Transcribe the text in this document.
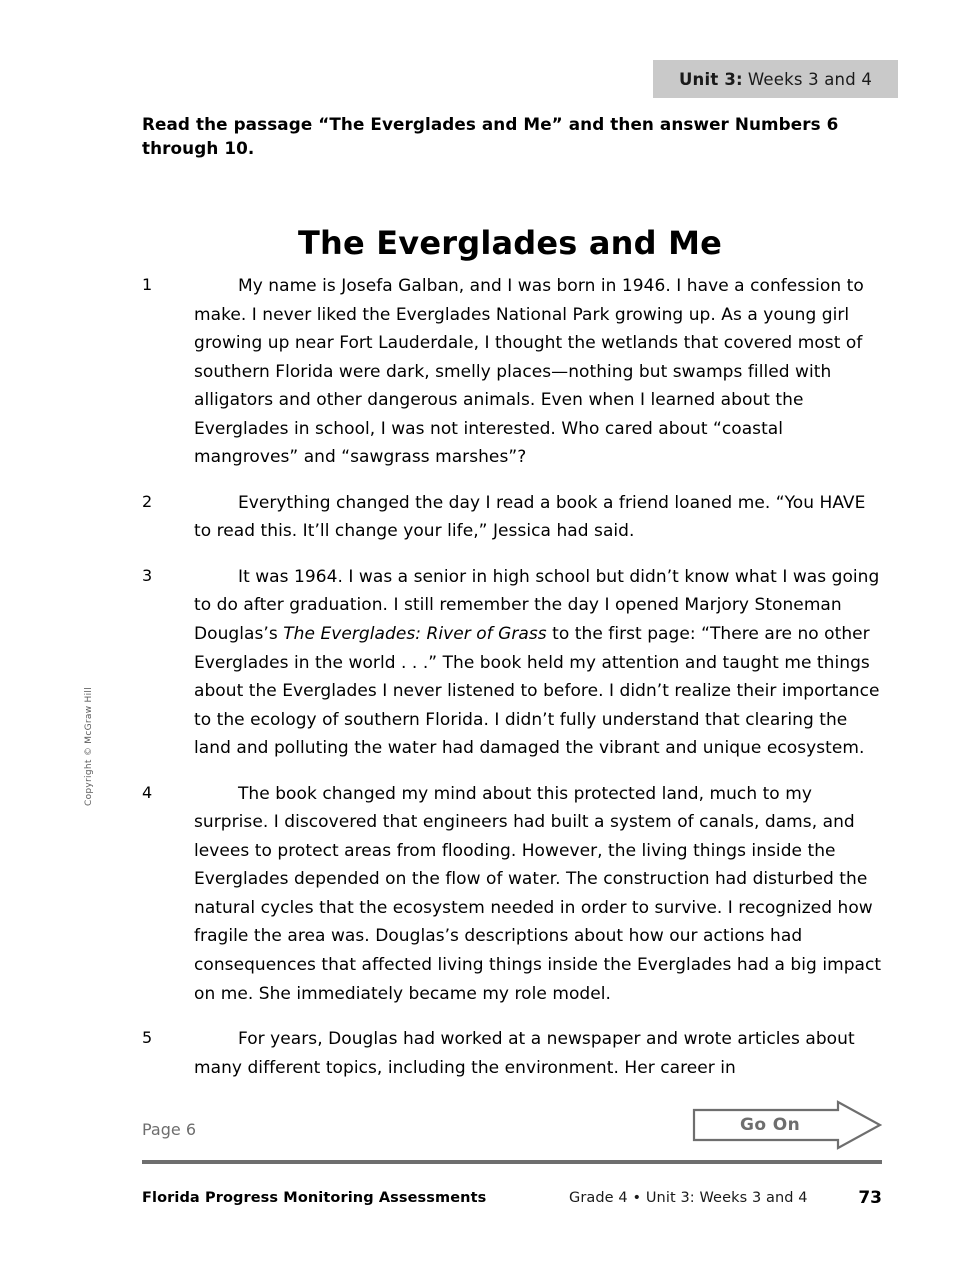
Unit 3: Weeks 3 and 4
Read the passage “The Everglades and Me” and then answer Numbers 6 through 10.
The Everglades and Me
1	My name is Josefa Galban, and I was born in 1946. I have a confession to make. I never liked the Everglades National Park growing up. As a young girl growing up near Fort Lauderdale, I thought the wetlands that covered most of southern Florida were dark, smelly places—nothing but swamps filled with alligators and other dangerous animals. Even when I learned about the Everglades in school, I was not interested. Who cared about “coastal mangroves” and “sawgrass marshes”?
2	Everything changed the day I read a book a friend loaned me. “You HAVE to read this. It’ll change your life,” Jessica had said.
3	It was 1964. I was a senior in high school but didn’t know what I was going to do after graduation. I still remember the day I opened Marjory Stoneman Douglas’s The Everglades: River of Grass to the first page: “There are no other Everglades in the world . . .” The book held my attention and taught me things about the Everglades I never listened to before. I didn’t realize their importance to the ecology of southern Florida. I didn’t fully understand that clearing the land and polluting the water had damaged the vibrant and unique ecosystem.
4	The book changed my mind about this protected land, much to my surprise. I discovered that engineers had built a system of canals, dams, and levees to protect areas from flooding. However, the living things inside the Everglades depended on the flow of water. The construction had disturbed the natural cycles that the ecosystem needed in order to survive. I recognized how fragile the area was. Douglas’s descriptions about how our actions had consequences that affected living things inside the Everglades had a big impact on me. She immediately became my role model.
5	For years, Douglas had worked at a newspaper and wrote articles about many different topics, including the environment. Her career in
Copyright © McGraw Hill
Page 6	Go On
Florida Progress Monitoring Assessments	Grade 4 • Unit 3: Weeks 3 and 4	73
